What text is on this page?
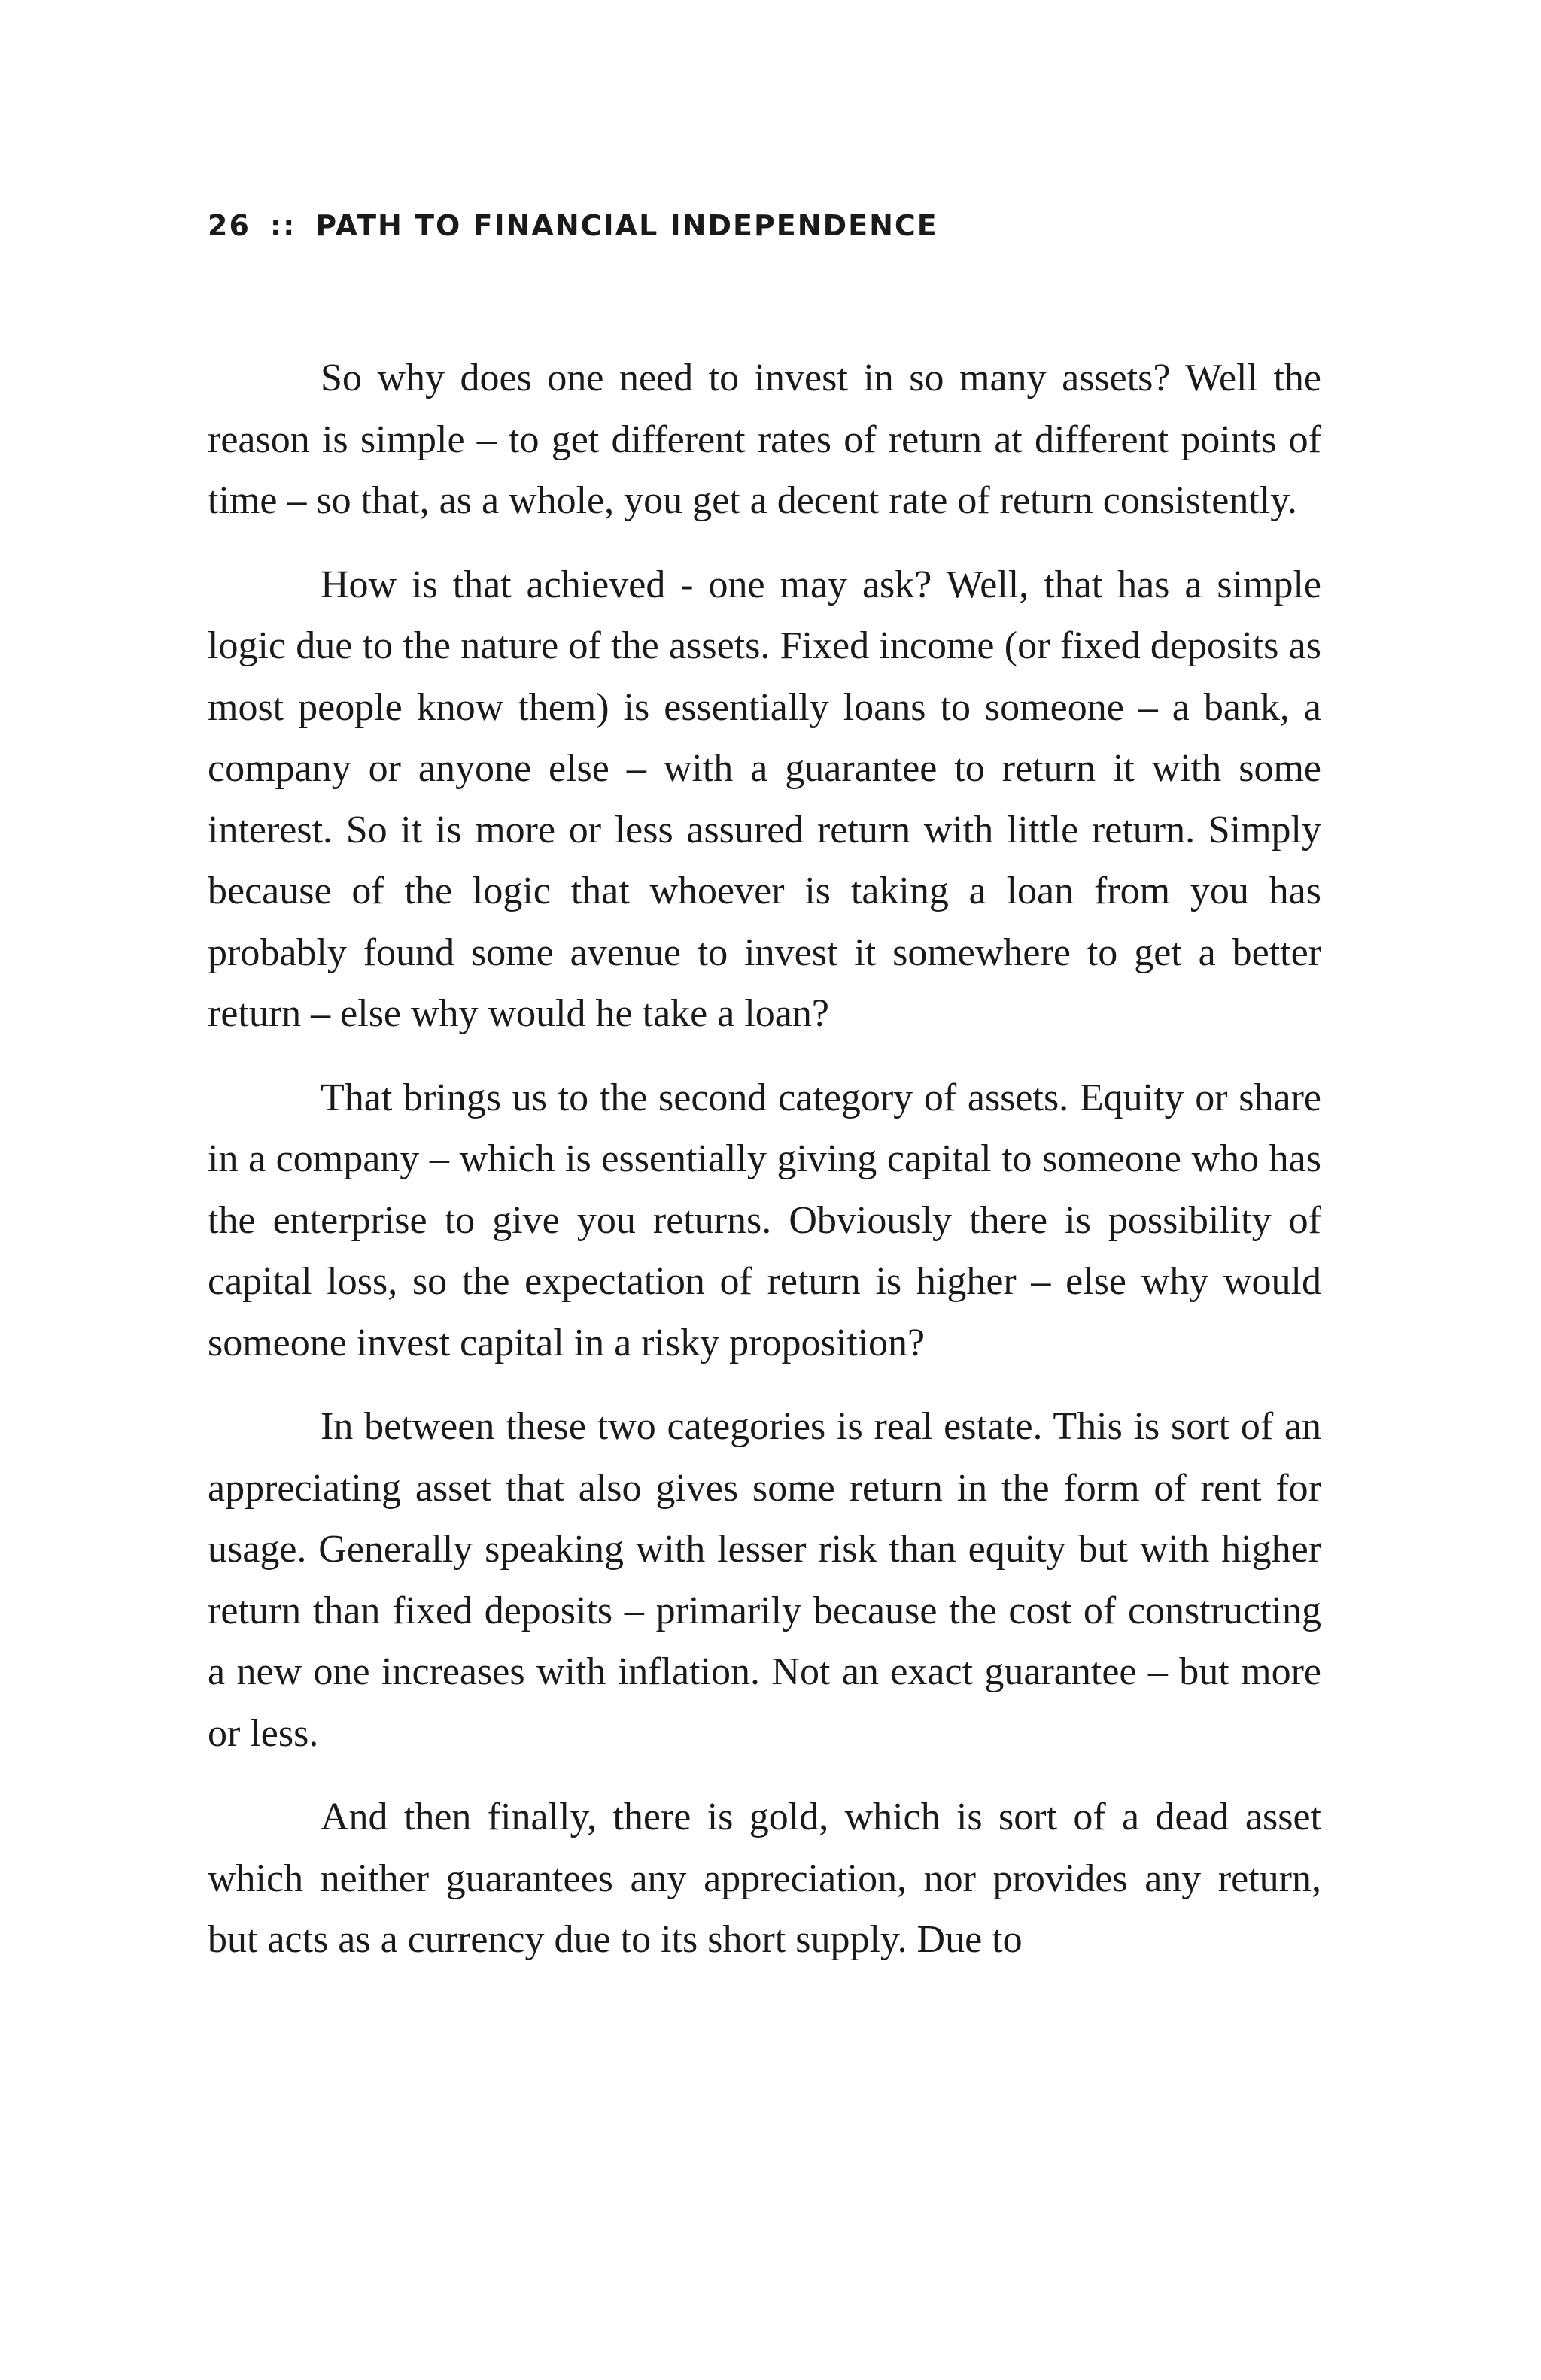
26 :: PATH TO FINANCIAL INDEPENDENCE

So why does one need to invest in so many assets? Well the reason is simple – to get different rates of return at different points of time – so that, as a whole, you get a decent rate of return consistently.

How is that achieved - one may ask? Well, that has a simple logic due to the nature of the assets. Fixed income (or fixed deposits as most people know them) is essentially loans to someone – a bank, a company or anyone else – with a guarantee to return it with some interest. So it is more or less assured return with little return. Simply because of the logic that whoever is taking a loan from you has probably found some avenue to invest it somewhere to get a better return – else why would he take a loan?

That brings us to the second category of assets. Equity or share in a company – which is essentially giving capital to someone who has the enterprise to give you returns. Obviously there is possibility of capital loss, so the expectation of return is higher – else why would someone invest capital in a risky proposition?

In between these two categories is real estate. This is sort of an appreciating asset that also gives some return in the form of rent for usage. Generally speaking with lesser risk than equity but with higher return than fixed deposits – primarily because the cost of constructing a new one increases with inflation. Not an exact guarantee – but more or less.

And then finally, there is gold, which is sort of a dead asset which neither guarantees any appreciation, nor provides any return, but acts as a currency due to its short supply. Due to
